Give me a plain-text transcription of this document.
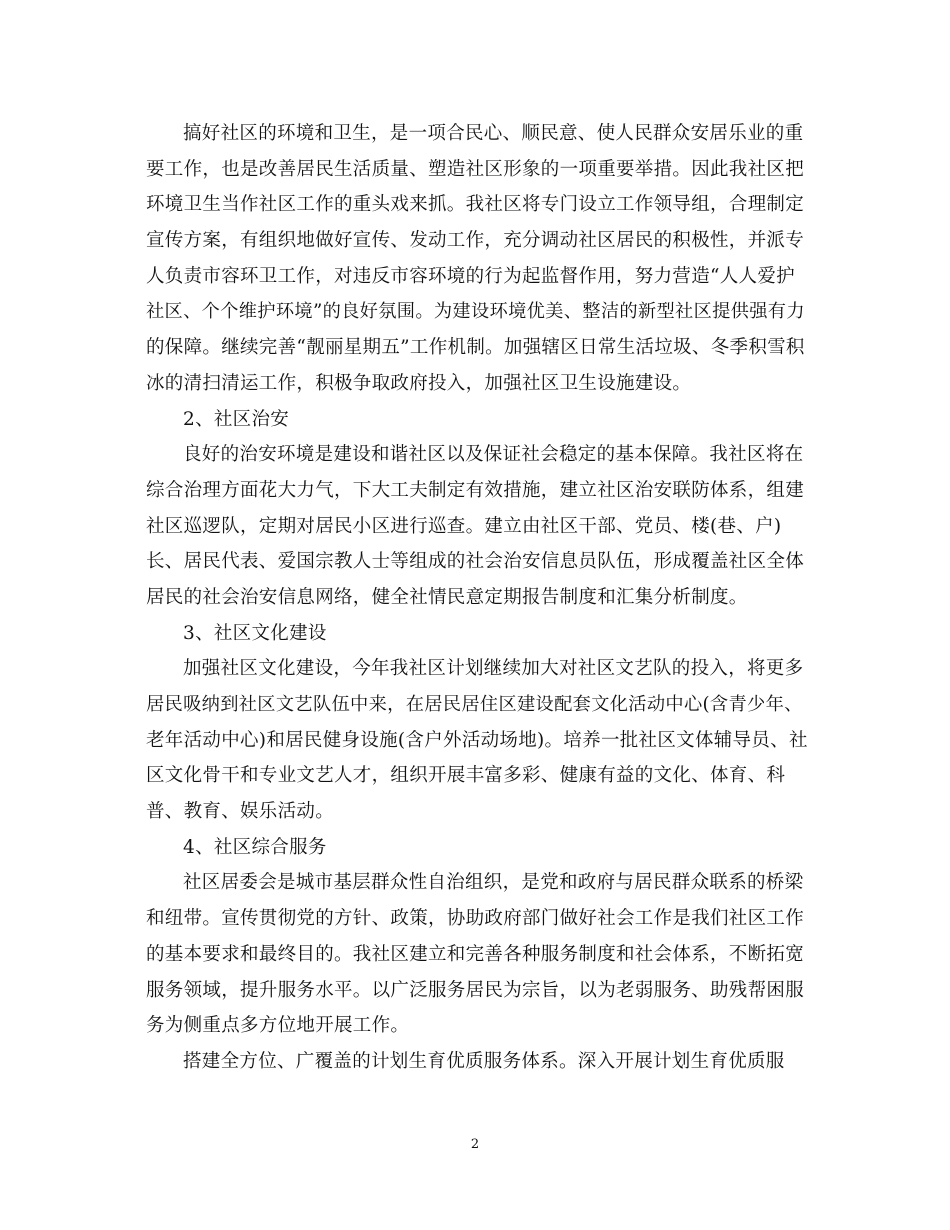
搞好社区的环境和卫生，是一项合民心、顺民意、使人民群众安居乐业的重
要工作，也是改善居民生活质量、塑造社区形象的一项重要举措。因此我社区把
环境卫生当作社区工作的重头戏来抓。我社区将专门设立工作领导组，合理制定
宣传方案，有组织地做好宣传、发动工作，充分调动社区居民的积极性，并派专
人负责市容环卫工作，对违反市容环境的行为起监督作用，努力营造“人人爱护
社区、个个维护环境”的良好氛围。为建设环境优美、整洁的新型社区提供强有力
的保障。继续完善“靓丽星期五”工作机制。加强辖区日常生活垃圾、冬季积雪积
冰的清扫清运工作，积极争取政府投入，加强社区卫生设施建设。
2、社区治安
良好的治安环境是建设和谐社区以及保证社会稳定的基本保障。我社区将在
综合治理方面花大力气，下大工夫制定有效措施，建立社区治安联防体系，组建
社区巡逻队，定期对居民小区进行巡查。建立由社区干部、党员、楼(巷、户)
长、居民代表、爱国宗教人士等组成的社会治安信息员队伍，形成覆盖社区全体
居民的社会治安信息网络，健全社情民意定期报告制度和汇集分析制度。
3、社区文化建设
加强社区文化建设，今年我社区计划继续加大对社区文艺队的投入，将更多
居民吸纳到社区文艺队伍中来，在居民居住区建设配套文化活动中心(含青少年、
老年活动中心)和居民健身设施(含户外活动场地)。培养一批社区文体辅导员、社
区文化骨干和专业文艺人才，组织开展丰富多彩、健康有益的文化、体育、科
普、教育、娱乐活动。
4、社区综合服务
社区居委会是城市基层群众性自治组织，是党和政府与居民群众联系的桥梁
和纽带。宣传贯彻党的方针、政策，协助政府部门做好社会工作是我们社区工作
的基本要求和最终目的。我社区建立和完善各种服务制度和社会体系，不断拓宽
服务领域，提升服务水平。以广泛服务居民为宗旨，以为老弱服务、助残帮困服
务为侧重点多方位地开展工作。
搭建全方位、广覆盖的计划生育优质服务体系。深入开展计划生育优质服
2
